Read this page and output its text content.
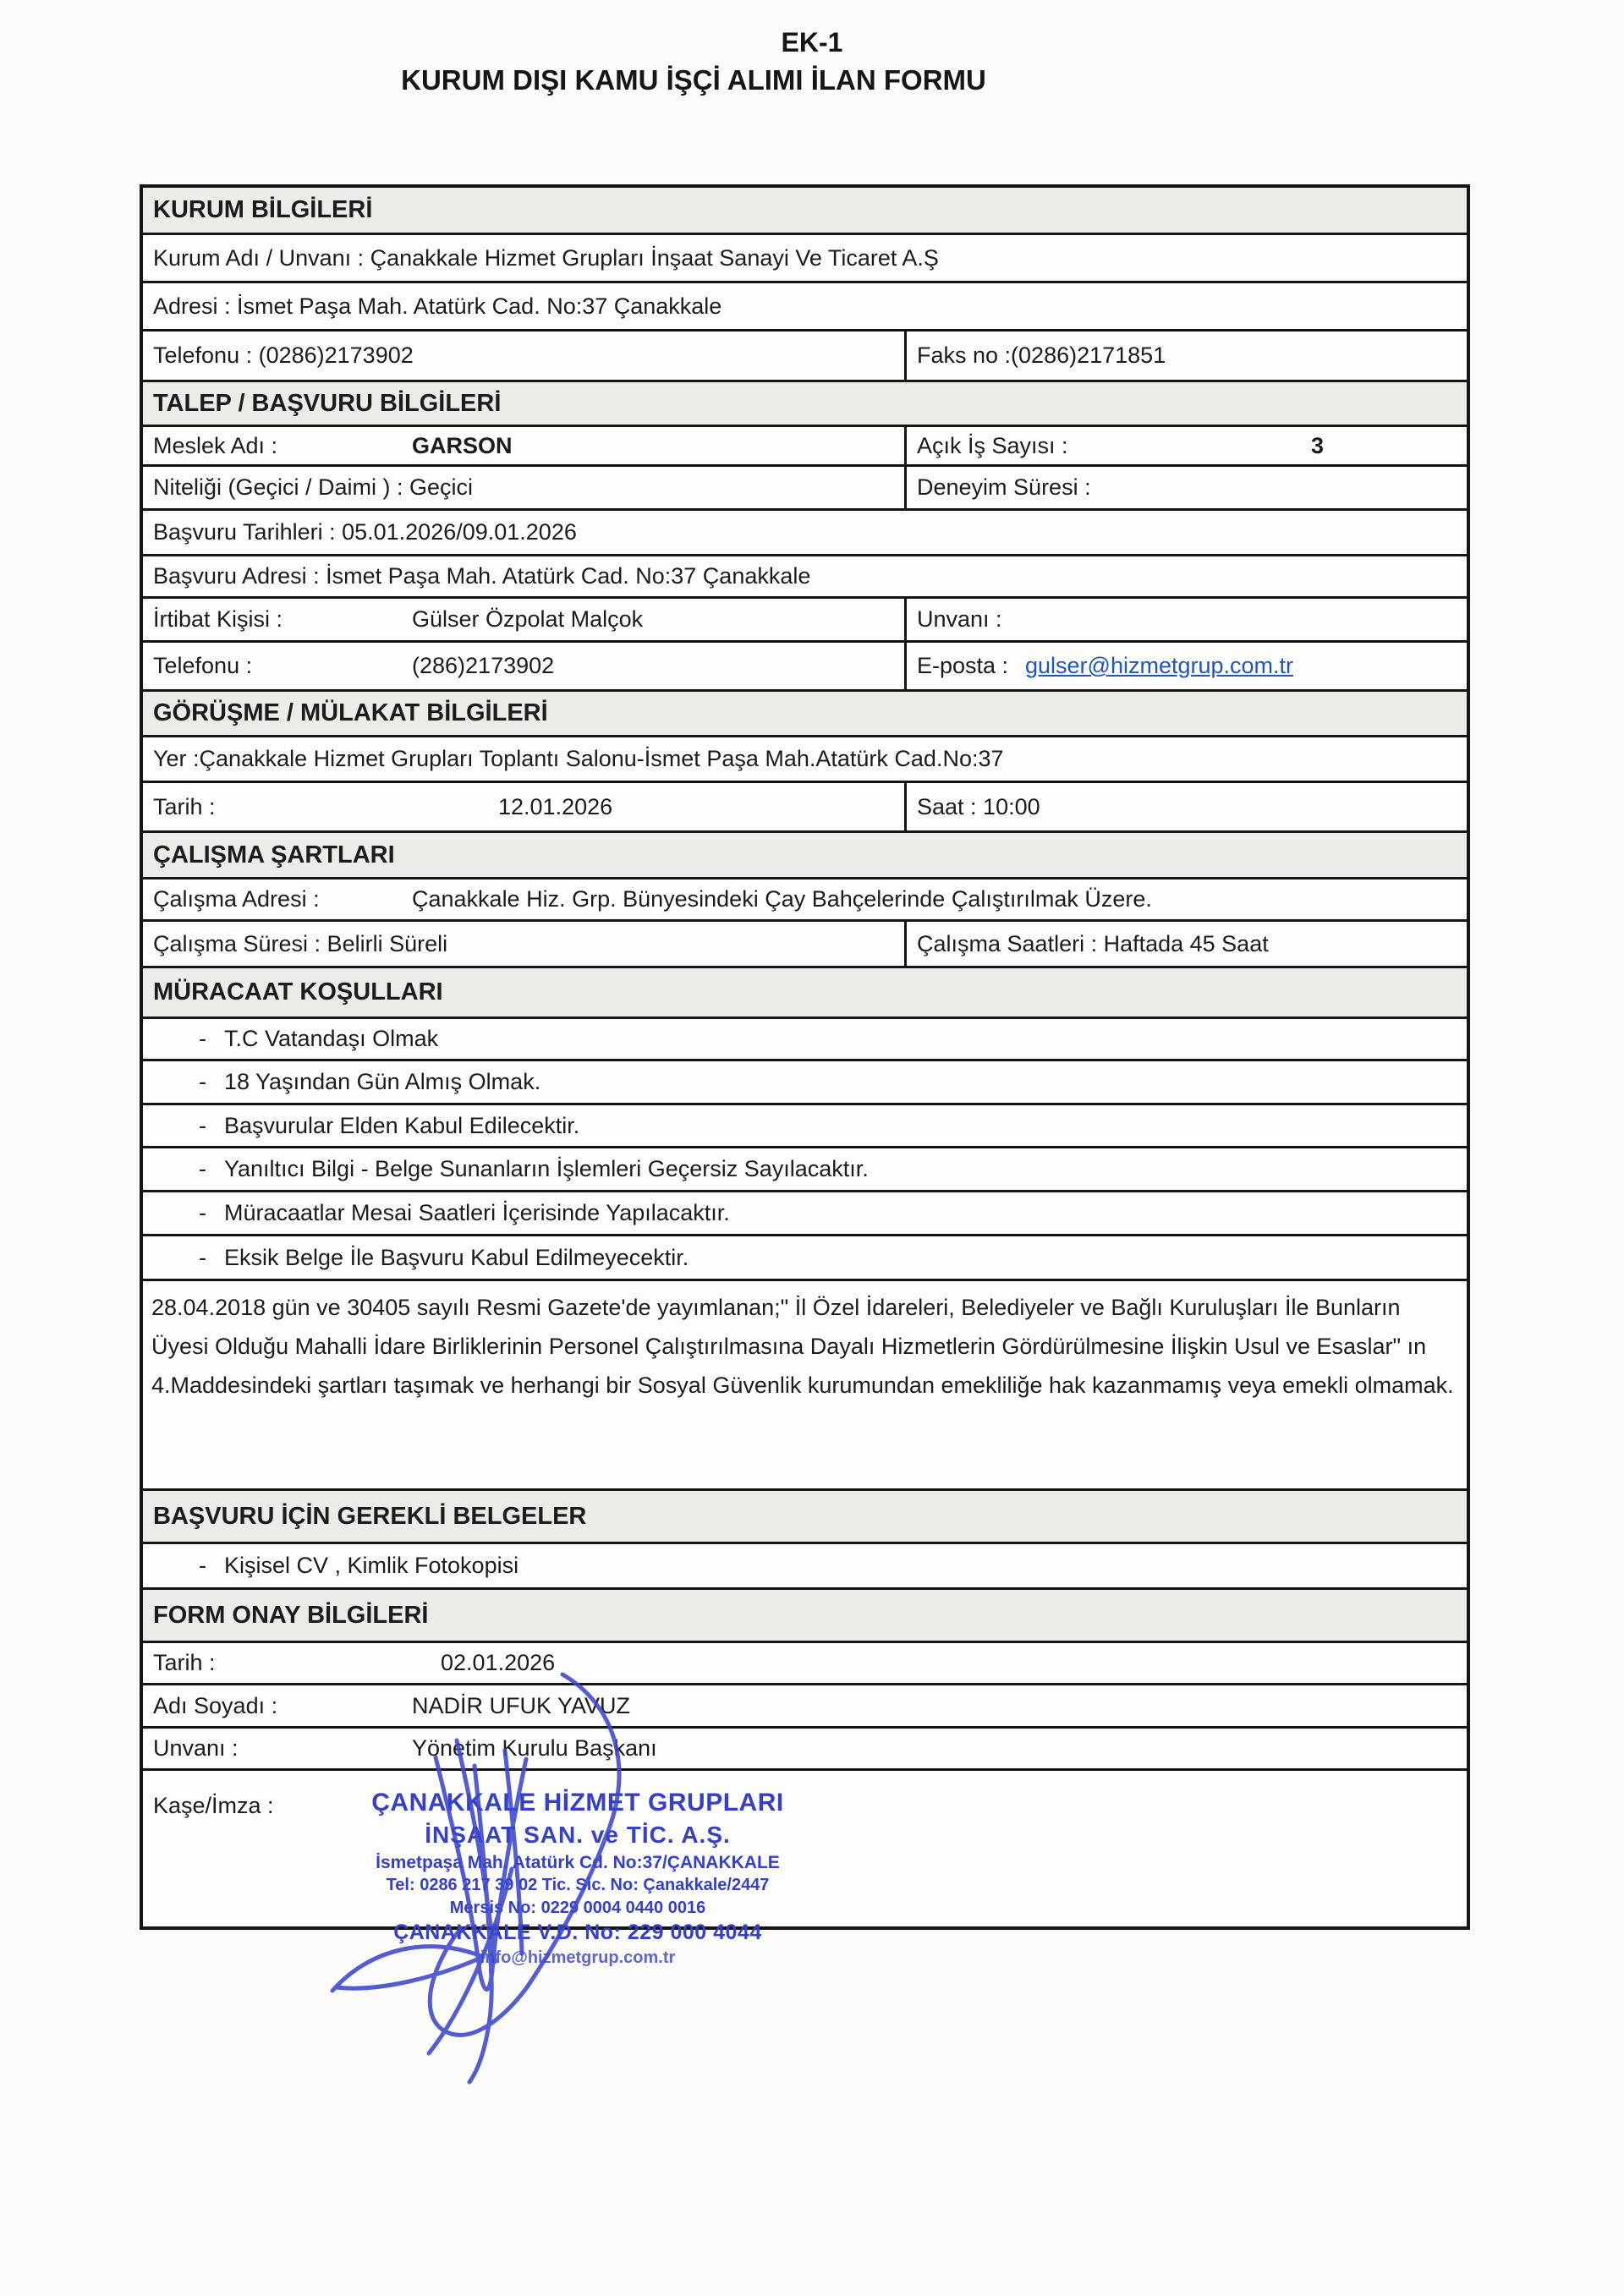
EK-1
KURUM DIŞI KAMU İŞÇİ ALIMI İLAN FORMU
KURUM BİLGİLERİ
Kurum Adı / Unvanı : Çanakkale Hizmet Grupları İnşaat Sanayi Ve Ticaret A.Ş
Adresi : İsmet Paşa Mah. Atatürk Cad. No:37 Çanakkale
Telefonu : (0286)2173902	Faks no :(0286)2171851
TALEP / BAŞVURU BİLGİLERİ
Meslek Adı :	GARSON	Açık İş Sayısı :	3
Niteliği (Geçici / Daimi ) : Geçici	Deneyim Süresi :
Başvuru Tarihleri : 05.01.2026/09.01.2026
Başvuru Adresi : İsmet Paşa Mah. Atatürk Cad. No:37 Çanakkale
İrtibat Kişisi :	Gülser Özpolat Malçok	Unvanı :
Telefonu :	(286)2173902	E-posta : gulser@hizmetgrup.com.tr
GÖRÜŞME / MÜLAKAT BİLGİLERİ
Yer :Çanakkale Hizmet Grupları Toplantı Salonu-İsmet Paşa Mah.Atatürk Cad.No:37
Tarih :	12.01.2026	Saat : 10:00
ÇALIŞMA ŞARTLARI
Çalışma Adresi :	Çanakkale Hiz. Grp. Bünyesindeki Çay Bahçelerinde Çalıştırılmak Üzere.
Çalışma Süresi : Belirli Süreli	Çalışma Saatleri : Haftada 45 Saat
MÜRACAAT KOŞULLARI
- T.C Vatandaşı Olmak
- 18 Yaşından Gün Almış Olmak.
- Başvurular Elden Kabul Edilecektir.
- Yanıltıcı Bilgi - Belge Sunanların İşlemleri Geçersiz Sayılacaktır.
- Müracaatlar Mesai Saatleri İçerisinde Yapılacaktır.
- Eksik Belge İle Başvuru Kabul Edilmeyecektir.
28.04.2018 gün ve 30405 sayılı Resmi Gazete'de yayımlanan;" İl Özel İdareleri, Belediyeler ve Bağlı Kuruluşları İle Bunların Üyesi Olduğu Mahalli İdare Birliklerinin Personel Çalıştırılmasına Dayalı Hizmetlerin Gördürülmesine İlişkin Usul ve Esaslar" ın 4.Maddesindeki şartları taşımak ve herhangi bir Sosyal Güvenlik kurumundan emekliliğe hak kazanmamış veya emekli olmamak.
BAŞVURU İÇİN GEREKLİ BELGELER
- Kişisel CV , Kimlik Fotokopisi
FORM ONAY BİLGİLERİ
Tarih :	02.01.2026
Adı Soyadı :	NADİR UFUK YAVUZ
Unvanı :	Yönetim Kurulu Başkanı
Kaşe/İmza :	ÇANAKKALE HİZMET GRUPLARI
İNŞAAT SAN. ve TİC. A.Ş.
İsmetpaşa Mah. Atatürk Cd. No:37/ÇANAKKALE
Tel: 0286 217 39 02 Tic. Sic. No: Çanakkale/2447
Mersis No: 0229 0004 0440 0016
ÇANAKKALE V.D. No: 229 000 4044
info@hizmetgrup.com.tr
